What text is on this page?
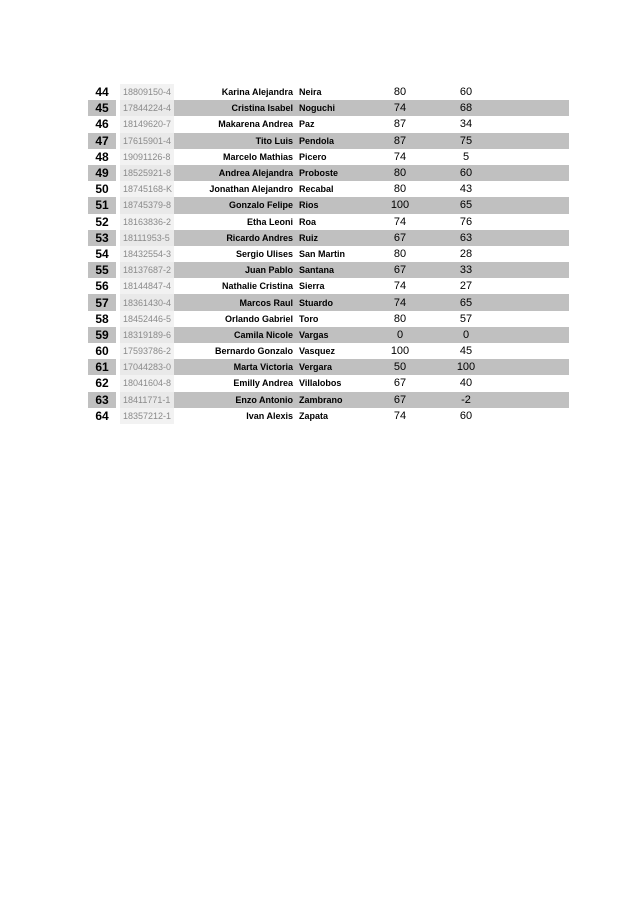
44	18809150-4	Karina Alejandra Neira	80	60
45	17844224-4	Cristina Isabel Noguchi	74	68
46	18149620-7	Makarena Andrea Paz	87	34
47	17615901-4	Tito Luis Pendola	87	75
48	19091126-8	Marcelo Mathias Picero	74	5
49	18525921-8	Andrea Alejandra Proboste	80	60
50	18745168-K	Jonathan Alejandro Recabal	80	43
51	18745379-8	Gonzalo Felipe Rios	100	65
52	18163836-2	Etha Leoni Roa	74	76
53	18111953-5	Ricardo Andres Ruiz	67	63
54	18432554-3	Sergio Ulises San Martin	80	28
55	18137687-2	Juan Pablo Santana	67	33
56	18144847-4	Nathalie Cristina Sierra	74	27
57	18361430-4	Marcos Raul Stuardo	74	65
58	18452446-5	Orlando Gabriel Toro	80	57
59	18319189-6	Camila Nicole Vargas	0	0
60	17593786-2	Bernardo Gonzalo Vasquez	100	45
61	17044283-0	Marta Victoria Vergara	50	100
62	18041604-8	Emilly Andrea Villalobos	67	40
63	18411771-1	Enzo Antonio Zambrano	67	-2
64	18357212-1	Ivan Alexis Zapata	74	60
